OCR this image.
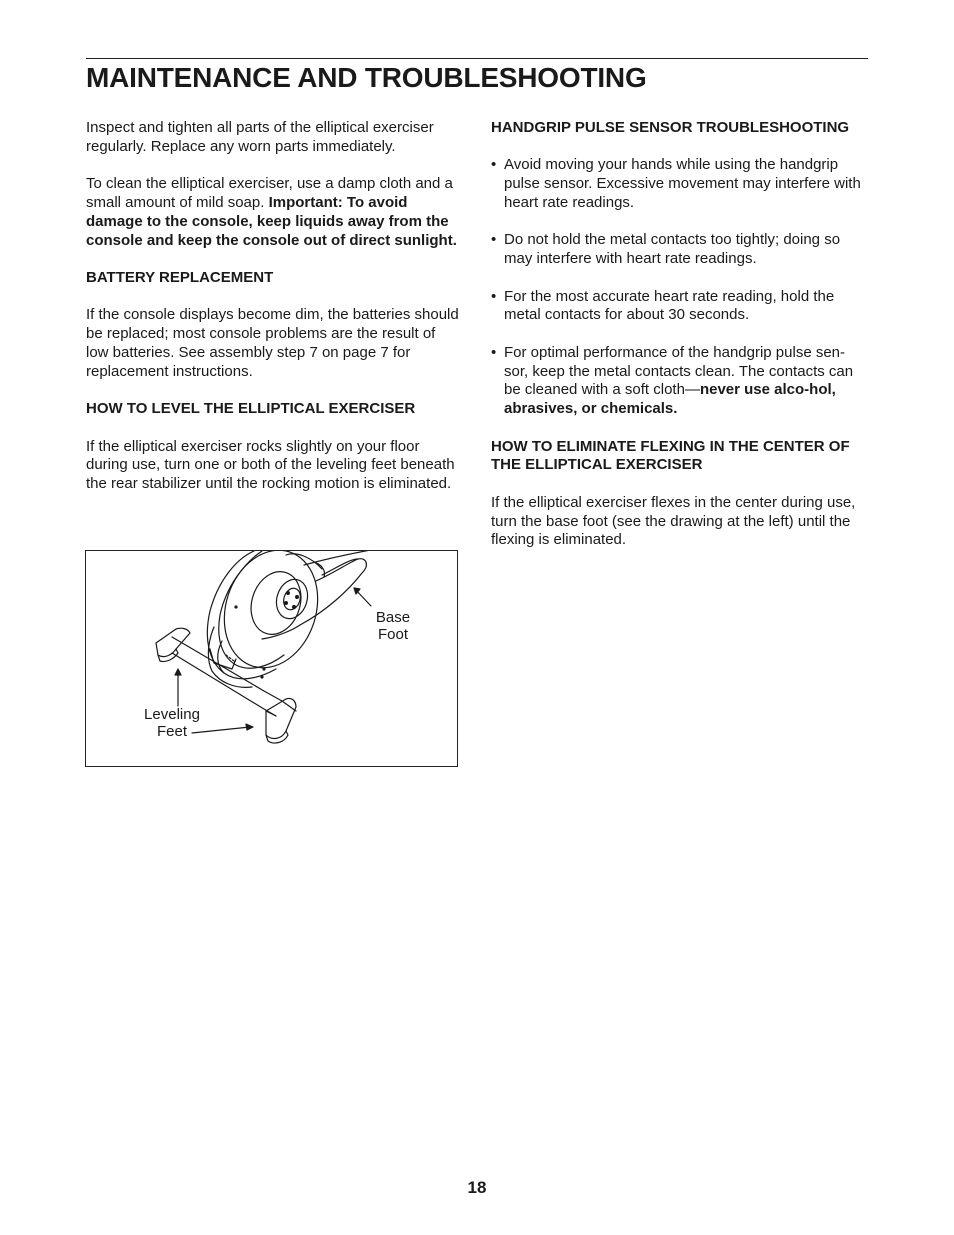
MAINTENANCE AND TROUBLESHOOTING

Inspect and tighten all parts of the elliptical exerciser regularly. Replace any worn parts immediately.

To clean the elliptical exerciser, use a damp cloth and a small amount of mild soap. Important: To avoid damage to the console, keep liquids away from the console and keep the console out of direct sunlight.

BATTERY REPLACEMENT

If the console displays become dim, the batteries should be replaced; most console problems are the result of low batteries. See assembly step 7 on page 7 for replacement instructions.

HOW TO LEVEL THE ELLIPTICAL EXERCISER

If the elliptical exerciser rocks slightly on your floor during use, turn one or both of the leveling feet beneath the rear stabilizer until the rocking motion is eliminated.

Base
Foot
Leveling
Feet
HANDGRIP PULSE SENSOR TROUBLESHOOTING

• Avoid moving your hands while using the handgrip pulse sensor. Excessive movement may interfere with heart rate readings.

• Do not hold the metal contacts too tightly; doing so may interfere with heart rate readings.

• For the most accurate heart rate reading, hold the metal contacts for about 30 seconds.

• For optimal performance of the handgrip pulse sen-sor, keep the metal contacts clean. The contacts can be cleaned with a soft cloth—never use alco-hol, abrasives, or chemicals.

HOW TO ELIMINATE FLEXING IN THE CENTER OF THE ELLIPTICAL EXERCISER

If the elliptical exerciser flexes in the center during use, turn the base foot (see the drawing at the left) until the flexing is eliminated.

18
